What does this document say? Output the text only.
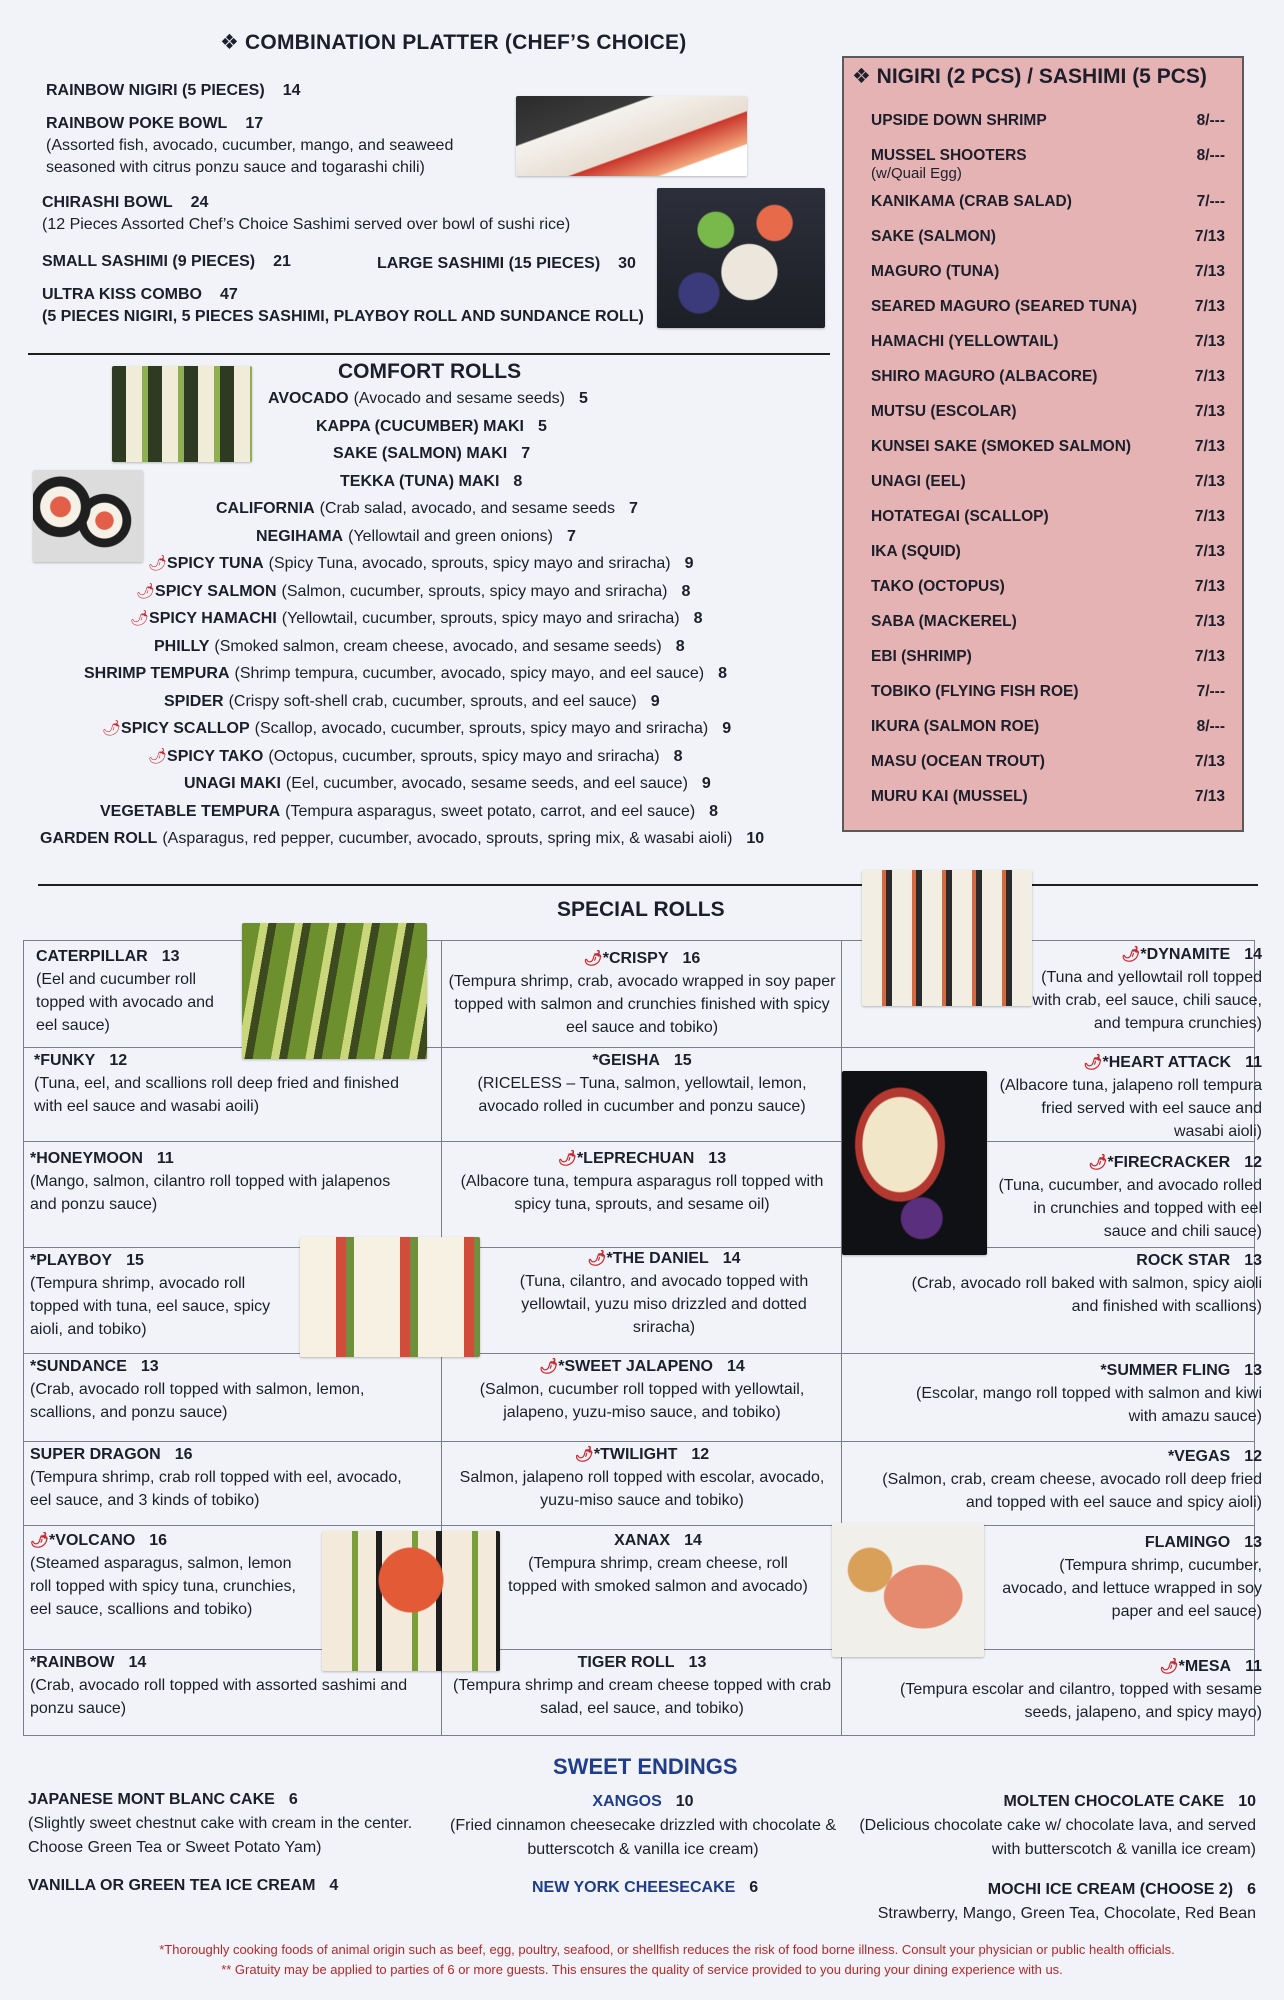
❖ COMBINATION PLATTER (CHEF’S CHOICE)
RAINBOW NIGIRI (5 PIECES) 14
RAINBOW POKE BOWL 17
(Assorted fish, avocado, cucumber, mango, and seaweed seasoned with citrus ponzu sauce and togarashi chili)
CHIRASHI BOWL 24
(12 Pieces Assorted Chef’s Choice Sashimi served over bowl of sushi rice)
SMALL SASHIMI (9 PIECES) 21	LARGE SASHIMI (15 PIECES) 30
ULTRA KISS COMBO 47
(5 PIECES NIGIRI, 5 PIECES SASHIMI, PLAYBOY ROLL AND SUNDANCE ROLL)
COMFORT ROLLS
AVOCADO (Avocado and sesame seeds) 5
KAPPA (CUCUMBER) MAKI 5
SAKE (SALMON) MAKI 7
TEKKA (TUNA) MAKI 8
CALIFORNIA (Crab salad, avocado, and sesame seeds 7
NEGIHAMA (Yellowtail and green onions) 7
🌶SPICY TUNA (Spicy Tuna, avocado, sprouts, spicy mayo and sriracha) 9
🌶SPICY SALMON (Salmon, cucumber, sprouts, spicy mayo and sriracha) 8
🌶SPICY HAMACHI (Yellowtail, cucumber, sprouts, spicy mayo and sriracha) 8
PHILLY (Smoked salmon, cream cheese, avocado, and sesame seeds) 8
SHRIMP TEMPURA (Shrimp tempura, cucumber, avocado, spicy mayo, and eel sauce) 8
SPIDER (Crispy soft-shell crab, cucumber, sprouts, and eel sauce) 9
🌶SPICY SCALLOP (Scallop, avocado, cucumber, sprouts, spicy mayo and sriracha) 9
🌶SPICY TAKO (Octopus, cucumber, sprouts, spicy mayo and sriracha) 8
UNAGI MAKI (Eel, cucumber, avocado, sesame seeds, and eel sauce) 9
VEGETABLE TEMPURA (Tempura asparagus, sweet potato, carrot, and eel sauce) 8
GARDEN ROLL (Asparagus, red pepper, cucumber, avocado, sprouts, spring mix, & wasabi aioli) 10
❖ NIGIRI (2 PCS) / SASHIMI (5 PCS)
UPSIDE DOWN SHRIMP	8/---
MUSSEL SHOOTERS	8/---
(w/Quail Egg)
KANIKAMA (CRAB SALAD)	7/---
SAKE (SALMON)	7/13
MAGURO (TUNA)	7/13
SEARED MAGURO (SEARED TUNA)	7/13
HAMACHI (YELLOWTAIL)	7/13
SHIRO MAGURO (ALBACORE)	7/13
MUTSU (ESCOLAR)	7/13
KUNSEI SAKE (SMOKED SALMON)	7/13
UNAGI (EEL)	7/13
HOTATEGAI (SCALLOP)	7/13
IKA (SQUID)	7/13
TAKO (OCTOPUS)	7/13
SABA (MACKEREL)	7/13
EBI (SHRIMP)	7/13
TOBIKO (FLYING FISH ROE)	7/---
IKURA (SALMON ROE)	8/---
MASU (OCEAN TROUT)	7/13
MURU KAI (MUSSEL)	7/13
SPECIAL ROLLS
CATERPILLAR 13
(Eel and cucumber roll topped with avocado and eel sauce)
🌶*CRISPY 16
(Tempura shrimp, crab, avocado wrapped in soy paper topped with salmon and crunchies finished with spicy eel sauce and tobiko)
🌶*DYNAMITE 14
(Tuna and yellowtail roll topped with crab, eel sauce, chili sauce, and tempura crunchies)
*FUNKY 12
(Tuna, eel, and scallions roll deep fried and finished with eel sauce and wasabi aoili)
*GEISHA 15
(RICELESS – Tuna, salmon, yellowtail, lemon, avocado rolled in cucumber and ponzu sauce)
🌶*HEART ATTACK 11
(Albacore tuna, jalapeno roll tempura fried served with eel sauce and wasabi aioli)
*HONEYMOON 11
(Mango, salmon, cilantro roll topped with jalapenos and ponzu sauce)
🌶*LEPRECHUAN 13
(Albacore tuna, tempura asparagus roll topped with spicy tuna, sprouts, and sesame oil)
🌶*FIRECRACKER 12
(Tuna, cucumber, and avocado rolled in crunchies and topped with eel sauce and chili sauce)
*PLAYBOY 15
(Tempura shrimp, avocado roll topped with tuna, eel sauce, spicy aioli, and tobiko)
🌶*THE DANIEL 14
(Tuna, cilantro, and avocado topped with yellowtail, yuzu miso drizzled and dotted sriracha)
ROCK STAR 13
(Crab, avocado roll baked with salmon, spicy aioli and finished with scallions)
*SUNDANCE 13
(Crab, avocado roll topped with salmon, lemon, scallions, and ponzu sauce)
🌶*SWEET JALAPENO 14
(Salmon, cucumber roll topped with yellowtail, jalapeno, yuzu-miso sauce, and tobiko)
*SUMMER FLING 13
(Escolar, mango roll topped with salmon and kiwi with amazu sauce)
SUPER DRAGON 16
(Tempura shrimp, crab roll topped with eel, avocado, eel sauce, and 3 kinds of tobiko)
🌶*TWILIGHT 12
Salmon, jalapeno roll topped with escolar, avocado, yuzu-miso sauce and tobiko)
*VEGAS 12
(Salmon, crab, cream cheese, avocado roll deep fried and topped with eel sauce and spicy aioli)
🌶*VOLCANO 16
(Steamed asparagus, salmon, lemon roll topped with spicy tuna, crunchies, eel sauce, scallions and tobiko)
XANAX 14
(Tempura shrimp, cream cheese, roll topped with smoked salmon and avocado)
FLAMINGO 13
(Tempura shrimp, cucumber, avocado, and lettuce wrapped in soy paper and eel sauce)
*RAINBOW 14
(Crab, avocado roll topped with assorted sashimi and ponzu sauce)
TIGER ROLL 13
(Tempura shrimp and cream cheese topped with crab salad, eel sauce, and tobiko)
🌶*MESA 11
(Tempura escolar and cilantro, topped with sesame seeds, jalapeno, and spicy mayo)
SWEET ENDINGS
JAPANESE MONT BLANC CAKE 6
(Slightly sweet chestnut cake with cream in the center. Choose Green Tea or Sweet Potato Yam)
XANGOS 10
(Fried cinnamon cheesecake drizzled with chocolate & butterscotch & vanilla ice cream)
MOLTEN CHOCOLATE CAKE 10
(Delicious chocolate cake w/ chocolate lava, and served with butterscotch & vanilla ice cream)
VANILLA OR GREEN TEA ICE CREAM 4	NEW YORK CHEESECAKE 6	MOCHI ICE CREAM (CHOOSE 2) 6
Strawberry, Mango, Green Tea, Chocolate, Red Bean
*Thoroughly cooking foods of animal origin such as beef, egg, poultry, seafood, or shellfish reduces the risk of food borne illness. Consult your physician or public health officials.
** Gratuity may be applied to parties of 6 or more guests. This ensures the quality of service provided to you during your dining experience with us.
